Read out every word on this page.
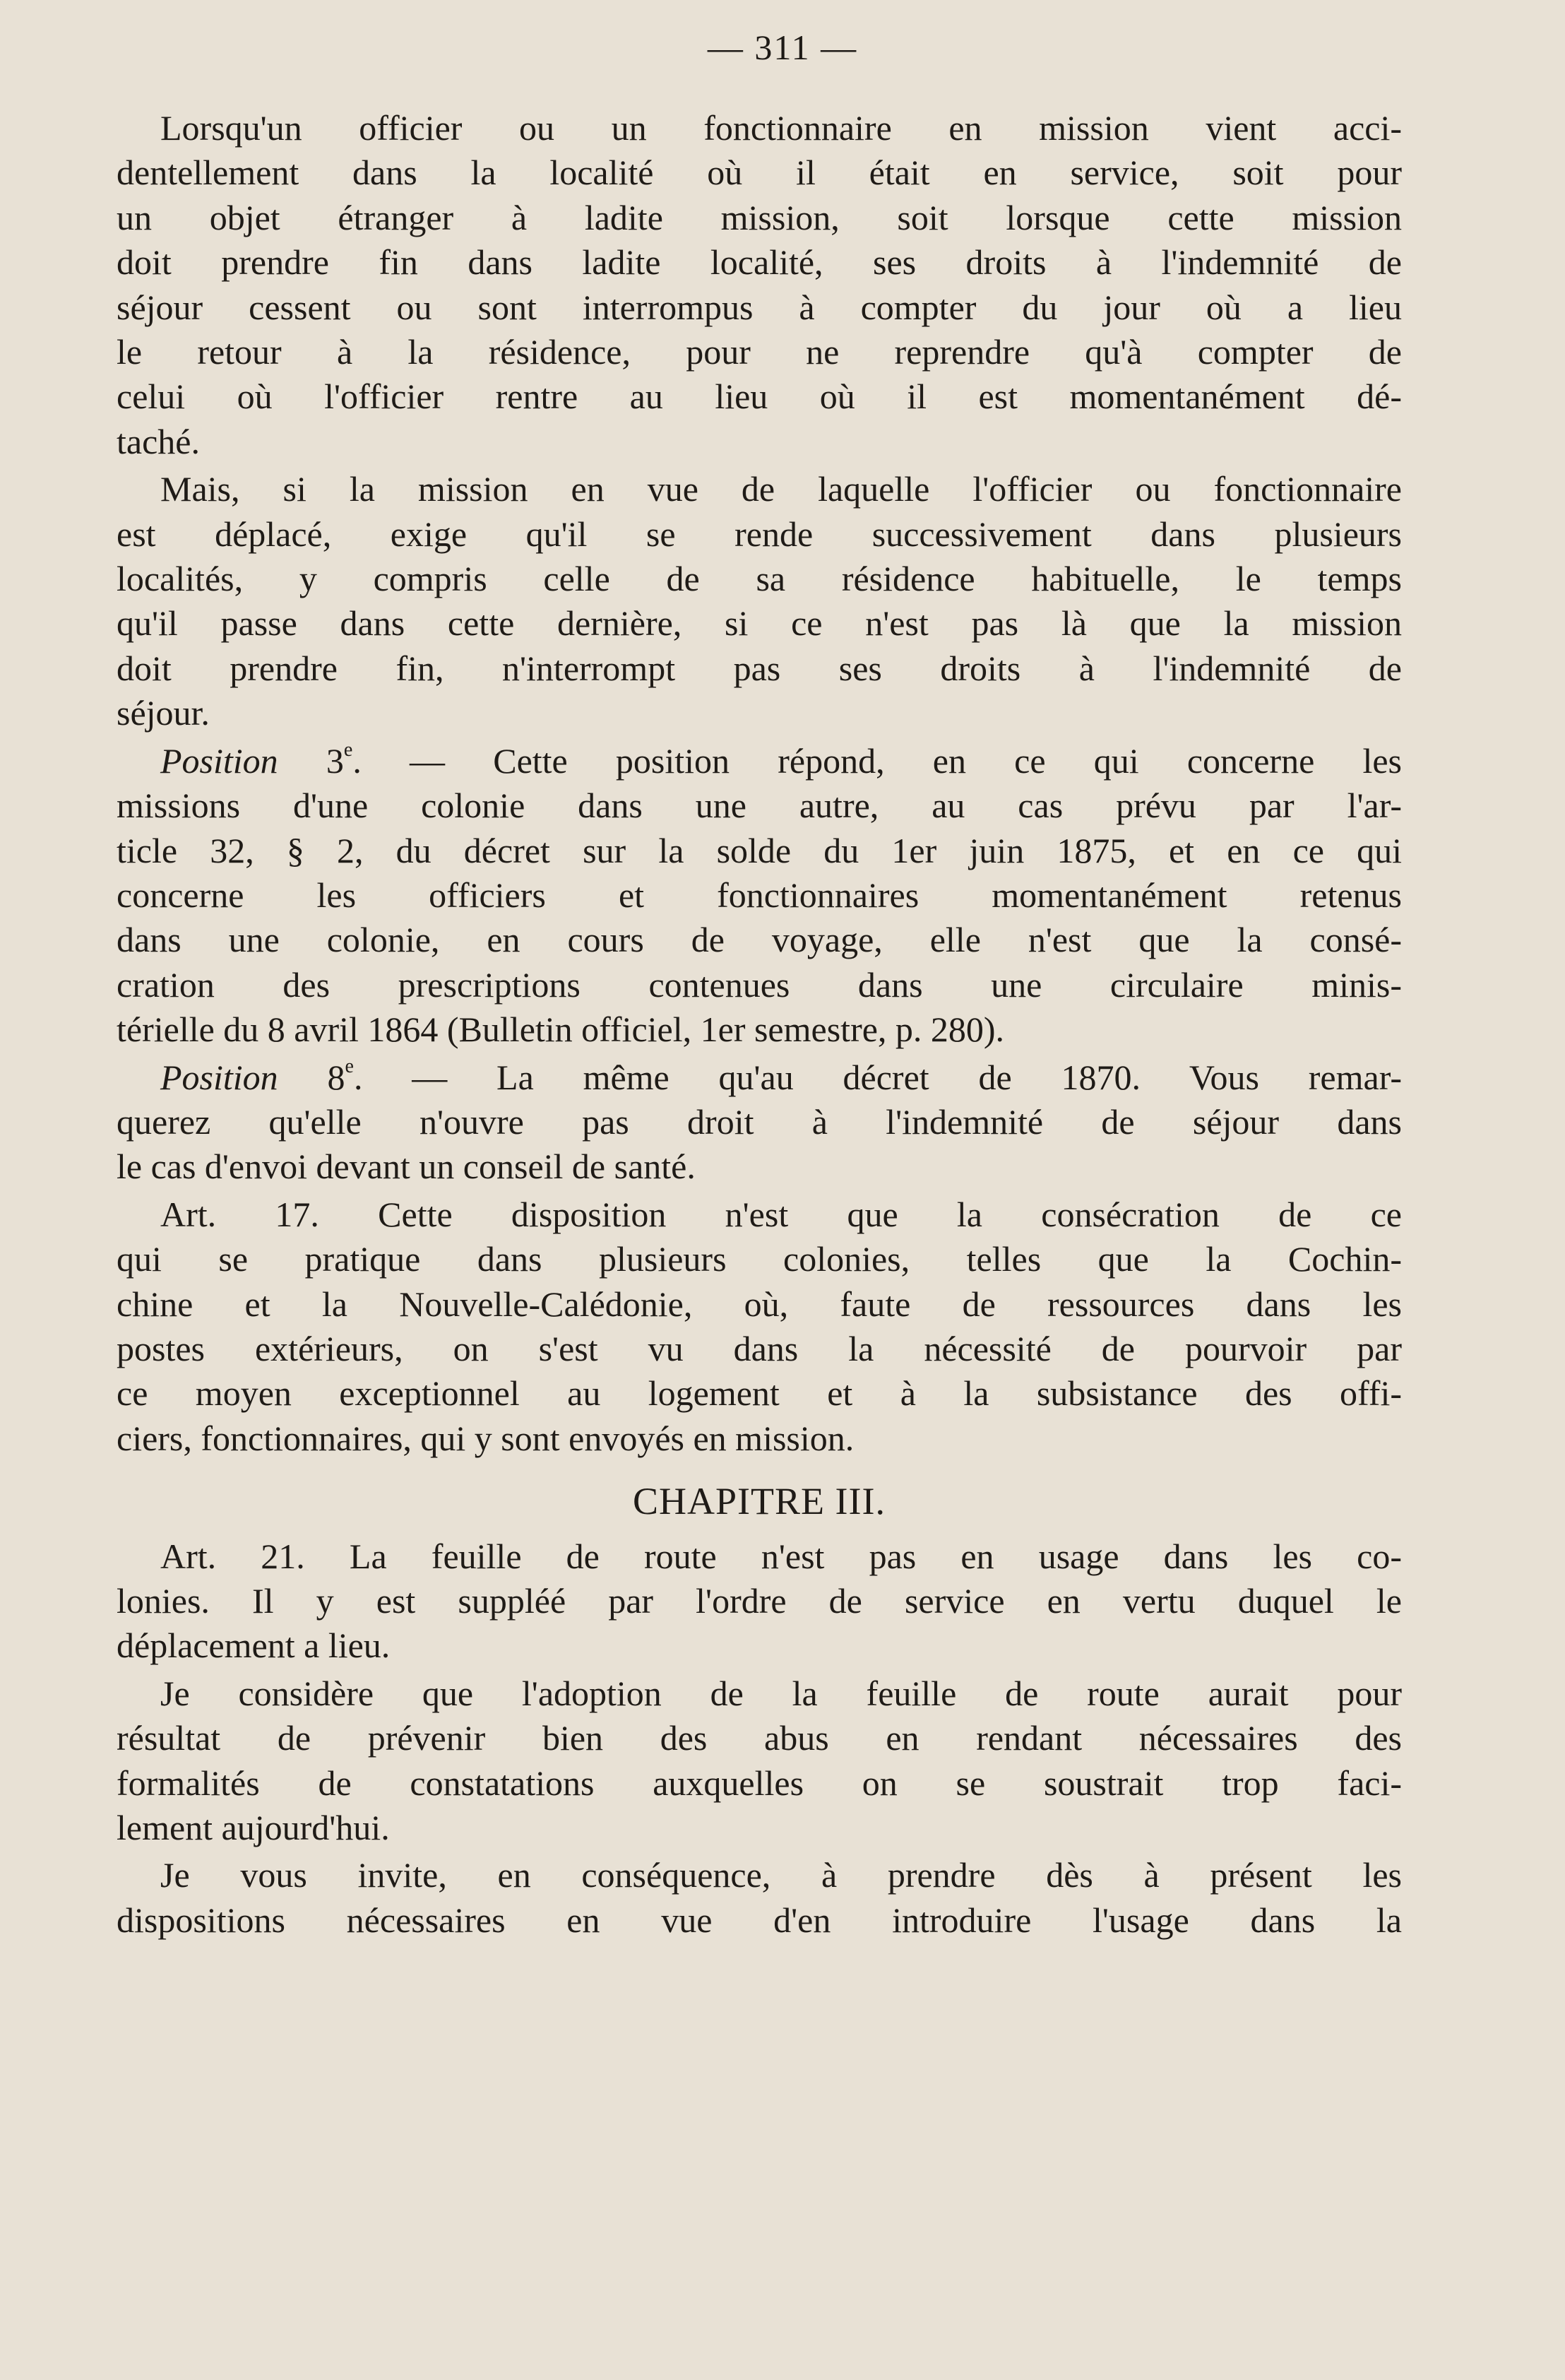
— 311 —
Lorsqu'un officier ou un fonctionnaire en mission vient acci-
dentellement dans la localité où il était en service, soit pour
un objet étranger à ladite mission, soit lorsque cette mission
doit prendre fin dans ladite localité, ses droits à l'indemnité de
séjour cessent ou sont interrompus à compter du jour où a lieu
le retour à la résidence, pour ne reprendre qu'à compter de
celui où l'officier rentre au lieu où il est momentanément dé-
taché.
Mais, si la mission en vue de laquelle l'officier ou fonctionnaire
est déplacé, exige qu'il se rende successivement dans plusieurs
localités, y compris celle de sa résidence habituelle, le temps
qu'il passe dans cette dernière, si ce n'est pas là que la mission
doit prendre fin, n'interrompt pas ses droits à l'indemnité de
séjour.
Position 3e. — Cette position répond, en ce qui concerne les
missions d'une colonie dans une autre, au cas prévu par l'ar-
ticle 32, § 2, du décret sur la solde du 1er juin 1875, et en ce qui
concerne les officiers et fonctionnaires momentanément retenus
dans une colonie, en cours de voyage, elle n'est que la consé-
cration des prescriptions contenues dans une circulaire minis-
térielle du 8 avril 1864 (Bulletin officiel, 1er semestre, p. 280).
Position 8e. — La même qu'au décret de 1870. Vous remar-
querez qu'elle n'ouvre pas droit à l'indemnité de séjour dans
le cas d'envoi devant un conseil de santé.
Art. 17. Cette disposition n'est que la consécration de ce
qui se pratique dans plusieurs colonies, telles que la Cochin-
chine et la Nouvelle-Calédonie, où, faute de ressources dans les
postes extérieurs, on s'est vu dans la nécessité de pourvoir par
ce moyen exceptionnel au logement et à la subsistance des offi-
ciers, fonctionnaires, qui y sont envoyés en mission.
CHAPITRE III.
Art. 21. La feuille de route n'est pas en usage dans les co-
lonies. Il y est suppléé par l'ordre de service en vertu duquel le
déplacement a lieu.
Je considère que l'adoption de la feuille de route aurait pour
résultat de prévenir bien des abus en rendant nécessaires des
formalités de constatations auxquelles on se soustrait trop faci-
lement aujourd'hui.
Je vous invite, en conséquence, à prendre dès à présent les
dispositions nécessaires en vue d'en introduire l'usage dans la
